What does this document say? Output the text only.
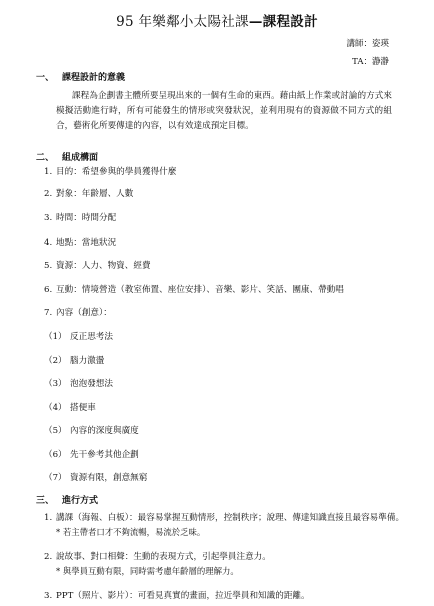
95 年樂鄰小太陽社課—課程設計
講師：姿瑛
TA：瀞瀞
一、 課程設計的意義
課程為企劃書主體所要呈現出來的一個有生命的東西。藉由紙上作業或討論的方式來模擬活動進行時，所有可能發生的情形或突發狀況，並利用現有的資源做不同方式的組合，藝術化所要傳達的內容，以有效達成預定目標。
二、 組成構面
1. 目的：希望參與的學員獲得什麼
2. 對象：年齡層、人數
3. 時間：時間分配
4. 地點：當地狀況
5. 資源：人力、物資、經費
6. 互動：情境營造（教室佈置、座位安排）、音樂、影片、笑話、團康、帶動唱
7. 內容（創意）：
（1） 反正思考法
（2） 腦力激盪
（3） 泡泡發想法
（4） 搭便車
（5） 內容的深度與廣度
（6） 先干參考其他企劃
（7） 資源有限，創意無窮
三、 進行方式
1. 講課（海報、白板）：最容易掌握互動情形，控制秩序；說理、傳達知識直接且最容易準備。
* 若主帶者口才不夠流暢，易流於乏味。
2. 說故事、對口相聲：生動的表現方式，引起學員注意力。
* 與學員互動有限，同時需考慮年齡層的理解力。
3. PPT（照片、影片）：可看見真實的畫面，拉近學員和知識的距離。
